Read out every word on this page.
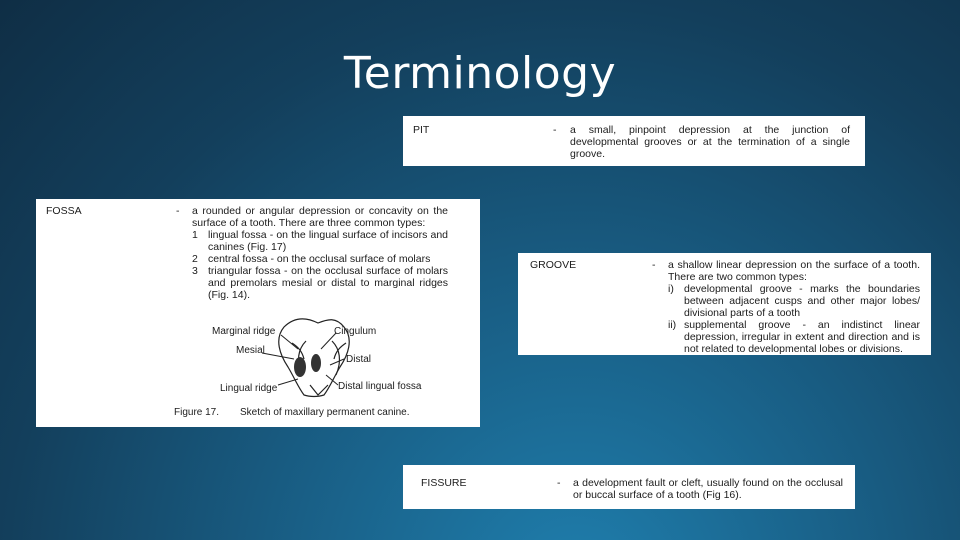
Terminology
PIT	- a small, pinpoint depression at the junction of developmental grooves or at the termination of a single groove.
FOSSA	- a rounded or angular depression or concavity on the surface of a tooth. There are three common types:
1 lingual fossa - on the lingual surface of incisors and canines (Fig. 17)
2 central fossa - on the occlusal surface of molars
3 triangular fossa - on the occlusal surface of molars and premolars mesial or distal to marginal ridges (Fig. 14).
Marginal ridge	Cingulum
Mesial
Distal
Lingual ridge	Distal lingual fossa
Figure 17. Sketch of maxillary permanent canine.
GROOVE	- a shallow linear depression on the surface of a tooth. There are two common types:
i) developmental groove - marks the boundaries between adjacent cusps and other major lobes/ divisional parts of a tooth
ii) supplemental groove - an indistinct linear depression, irregular in extent and direction and is not related to developmental lobes or divisions.
FISSURE	- a development fault or cleft, usually found on the occlusal or buccal surface of a tooth (Fig 16).
